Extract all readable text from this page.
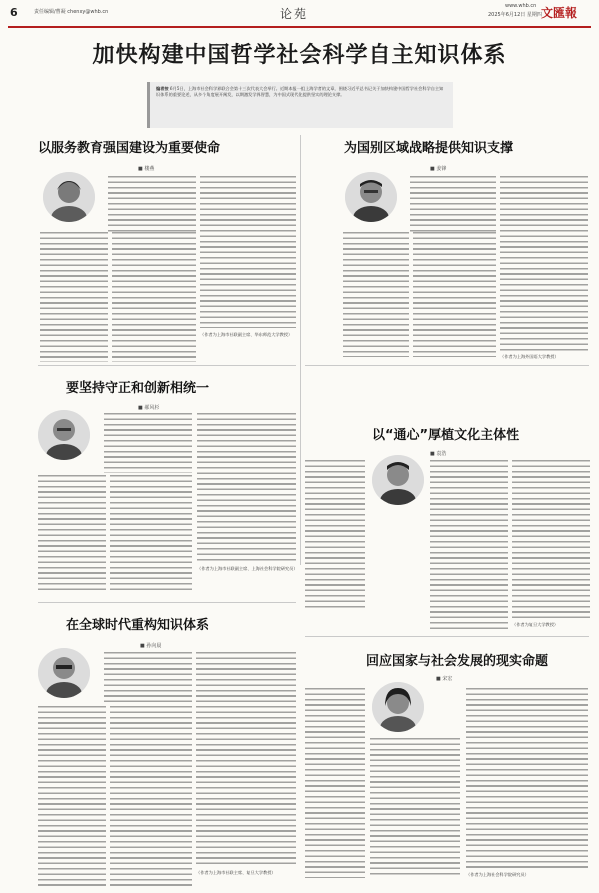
6	责任编辑/曹凝 chenxy@whb.cn	论苑
www.whb.cn
2025年6月12日 星期四 文匯報
加快构建中国哲学社会科学自主知识体系
编者按 6月5日，上海市社会科学界联合会第十三次代表大会举行。近期本报一组上海学者的文章，围绕习近平总书记关于加快构建中国哲学社会科学自主知识体系的重要论述，从多个角度展开阐发，以期激发学界智慧，为中国式现代化提供坚实的理论支撑。
以服务教育强国建设为重要使命
■ 楼燕
（作者为上海市社联副主席、华东师范大学教授）
为国别区域战略提供知识支撑
■ 姜锋
（作者为上海外国语大学教授）
要坚持守正和创新相统一
■ 郝风杉
（作者为上海市社联副主席、上海社会科学院研究员）
以“通心”厚植文化主体性
■ 袁浩
（作者为复旦大学教授）
在全球时代重构知识体系
■ 孙向晨
（作者为上海市社联主席、复旦大学教授）
回应国家与社会发展的现实命题
■ 宋宏
（作者为上海社会科学院研究员）
